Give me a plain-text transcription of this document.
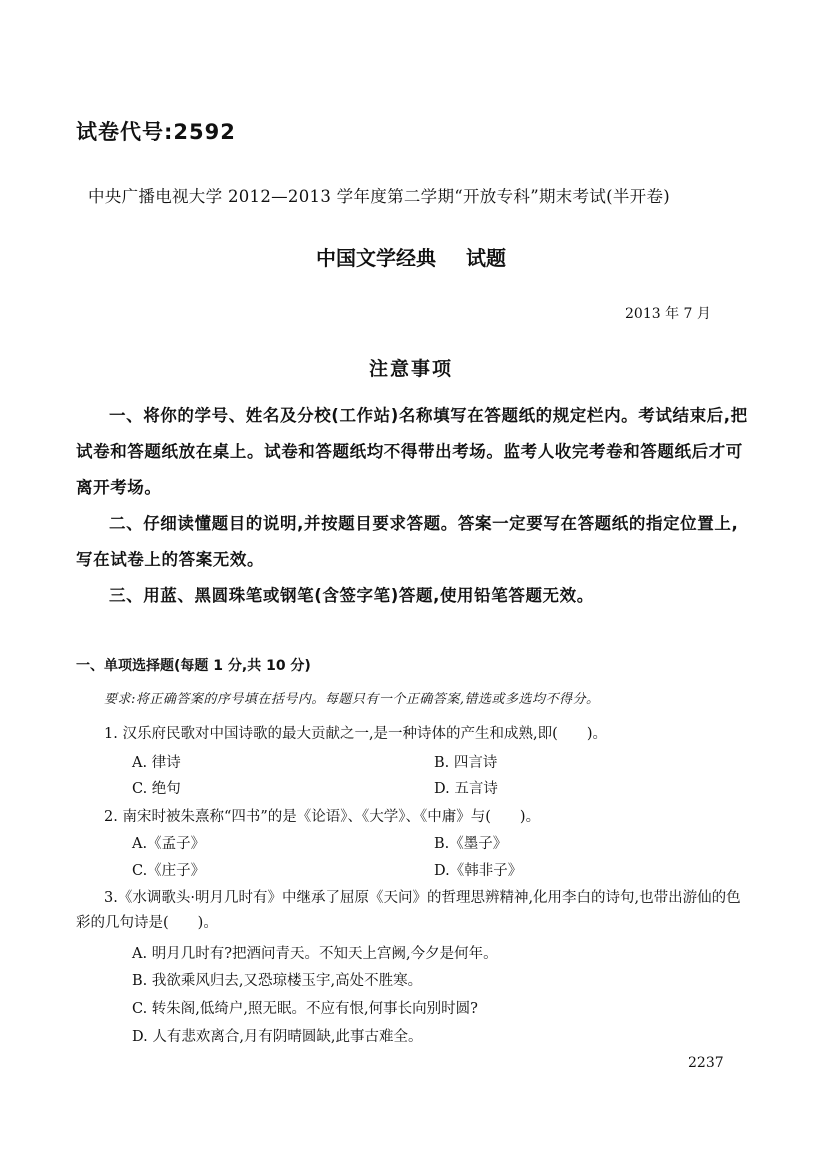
试卷代号:2592
中央广播电视大学 2012—2013 学年度第二学期“开放专科”期末考试(半开卷)
中国文学经典 试题
2013 年 7 月
注意事项

一、将你的学号、姓名及分校(工作站)名称填写在答题纸的规定栏内。考试结束后,把试卷和答题纸放在桌上。试卷和答题纸均不得带出考场。监考人收完考卷和答题纸后才可离开考场。

二、仔细读懂题目的说明,并按题目要求答题。答案一定要写在答题纸的指定位置上,写在试卷上的答案无效。

三、用蓝、黑圆珠笔或钢笔(含签字笔)答题,使用铅笔答题无效。

一、单项选择题(每题 1 分,共 10 分)
要求:将正确答案的序号填在括号内。每题只有一个正确答案,错选或多选均不得分。
1. 汉乐府民歌对中国诗歌的最大贡献之一,是一种诗体的产生和成熟,即(　　)。
A. 律诗	B. 四言诗
C. 绝句	D. 五言诗
2. 南宋时被朱熹称“四书”的是《论语》、《大学》、《中庸》与(　　)。
A.《孟子》	B.《墨子》
C.《庄子》	D.《韩非子》

3.《水调歌头·明月几时有》中继承了屈原《天问》的哲理思辨精神,化用李白的诗句,也带出游仙的色彩的几句诗是(　　)。

A. 明月几时有?把酒问青天。不知天上宫阙,今夕是何年。
B. 我欲乘风归去,又恐琼楼玉宇,高处不胜寒。
C. 转朱阁,低绮户,照无眠。不应有恨,何事长向别时圆?
D. 人有悲欢离合,月有阴晴圆缺,此事古难全。
2237
